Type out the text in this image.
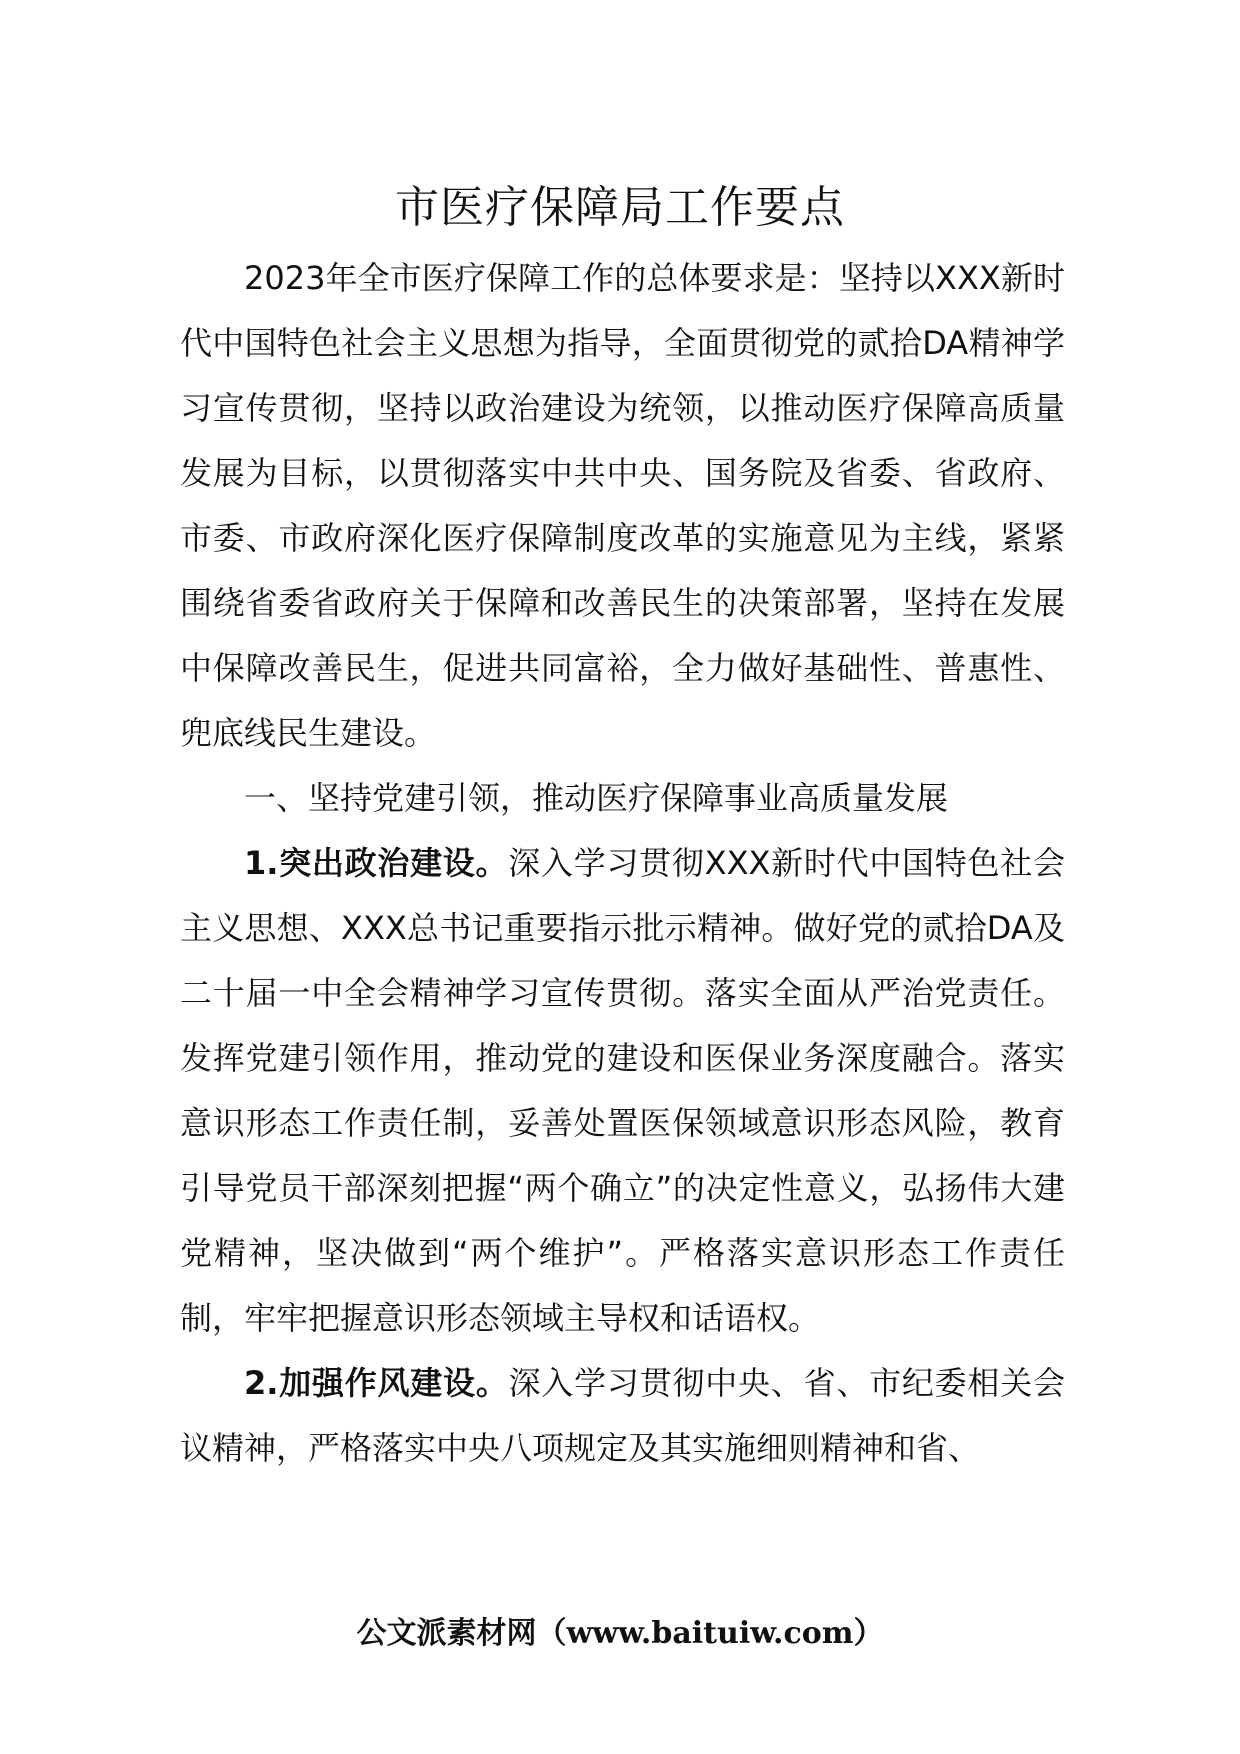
市医疗保障局工作要点

2023年全市医疗保障工作的总体要求是：坚持以XXX新时代中国特色社会主义思想为指导，全面贯彻党的贰拾DA精神学习宣传贯彻，坚持以政治建设为统领，以推动医疗保障高质量发展为目标，以贯彻落实中共中央、国务院及省委、省政府、市委、市政府深化医疗保障制度改革的实施意见为主线，紧紧围绕省委省政府关于保障和改善民生的决策部署，坚持在发展中保障改善民生，促进共同富裕，全力做好基础性、普惠性、兜底线民生建设。

一、坚持党建引领，推动医疗保障事业高质量发展

1.突出政治建设。深入学习贯彻XXX新时代中国特色社会主义思想、XXX总书记重要指示批示精神。做好党的贰拾DA及二十届一中全会精神学习宣传贯彻。落实全面从严治党责任。发挥党建引领作用，推动党的建设和医保业务深度融合。落实意识形态工作责任制，妥善处置医保领域意识形态风险，教育引导党员干部深刻把握“两个确立”的决定性意义，弘扬伟大建党精神，坚决做到“两个维护”。严格落实意识形态工作责任制，牢牢把握意识形态领域主导权和话语权。

2.加强作风建设。深入学习贯彻中央、省、市纪委相关会议精神，严格落实中央八项规定及其实施细则精神和省、

公文派素材网（www.baituiw.com）
